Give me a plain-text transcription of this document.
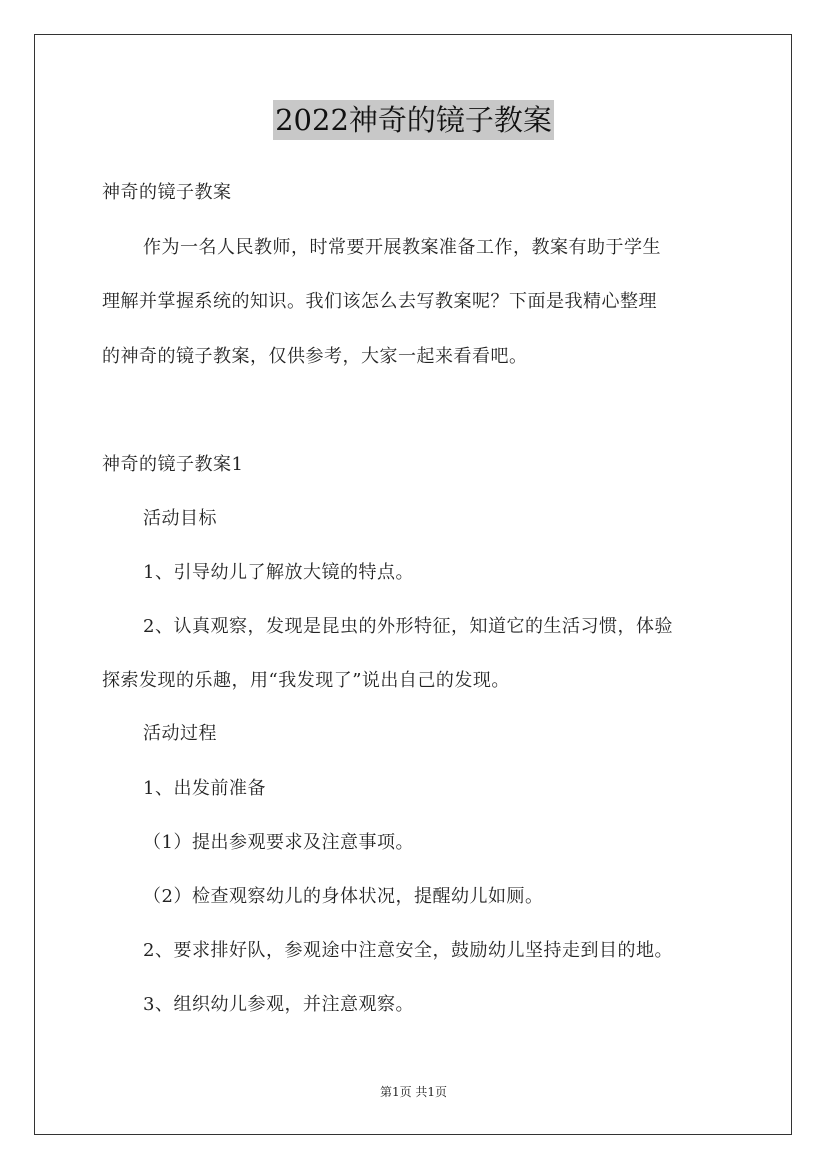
2022神奇的镜子教案
神奇的镜子教案
作为一名人民教师，时常要开展教案准备工作，教案有助于学生
理解并掌握系统的知识。我们该怎么去写教案呢？下面是我精心整理
的神奇的镜子教案，仅供参考，大家一起来看看吧。
神奇的镜子教案1
活动目标
1、引导幼儿了解放大镜的特点。
2、认真观察，发现是昆虫的外形特征，知道它的生活习惯，体验
探索发现的乐趣，用“我发现了”说出自己的发现。
活动过程
1、出发前准备
（1）提出参观要求及注意事项。
（2）检查观察幼儿的身体状况，提醒幼儿如厕。
2、要求排好队，参观途中注意安全，鼓励幼儿坚持走到目的地。
3、组织幼儿参观，并注意观察。
第1页 共1页
